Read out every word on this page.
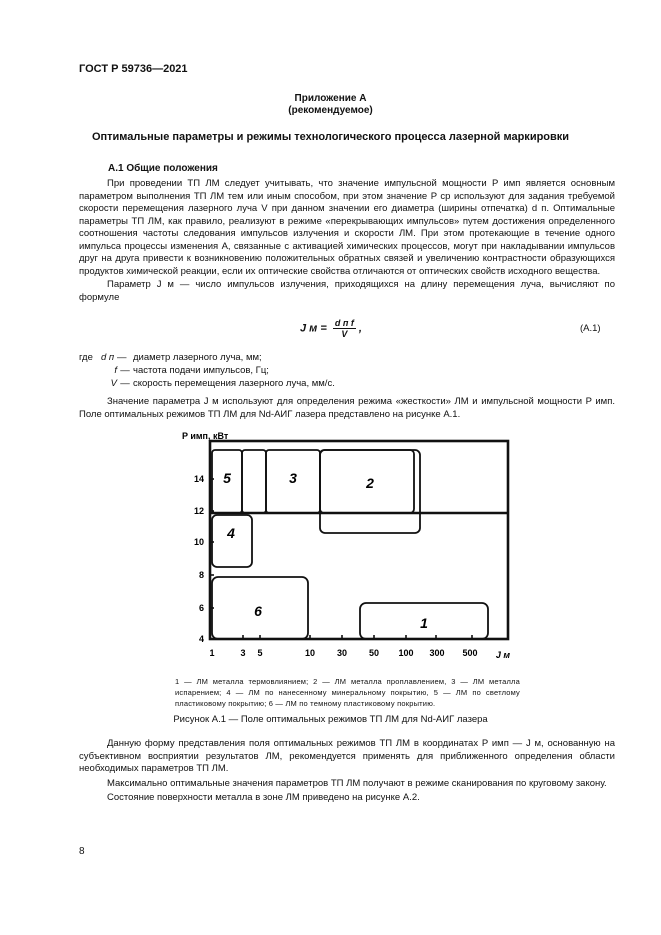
ГОСТ Р 59736—2021
Приложение А
(рекомендуемое)
Оптимальные параметры и режимы технологического процесса лазерной маркировки
А.1 Общие положения

При проведении ТП ЛМ следует учитывать, что значение импульсной мощности P имп является основным параметром выполнения ТП ЛМ тем или иным способом, при этом значение P ср используют для задания требуемой скорости перемещения лазерного луча V при данном значении его диаметра (ширины отпечатка) d п. Оптимальные параметры ТП ЛМ, как правило, реализуют в режиме «перекрывающих импульсов» путем достижения определенного соотношения частоты следования импульсов излучения и скорости ЛМ. При этом протекающие в течение одного импульса процессы изменения A, связанные с активацией химических процессов, могут при накладывании импульсов друг на друга привести к возникновению положительных обратных связей и увеличению контрастности образующихся продуктов химической реакции, если их оптические свойства отличаются от оптических свойств исходного вещества.

Параметр J м — число импульсов излучения, приходящихся на длину перемещения луча, вычисляют по формуле

J м = d п f
V	,	(А.1)
где d п — диаметр лазерного луча, мм;
f — частота подачи импульсов, Гц;
V — скорость перемещения лазерного луча, мм/с.

Значение параметра J м используют для определения режима «жесткости» ЛМ и импульсной мощности P имп. Поле оптимальных режимов ТП ЛМ для Nd-АИГ лазера представлено на рисунке А.1.

P имп, кВт
14
12
10
8
6
4
1	3 5	10 30 50 100 300 500 J м
5	3	2
4
6
1
1 — ЛМ металла термовлиянием; 2 — ЛМ металла проплавлением, 3 — ЛМ металла испарением; 4 — ЛМ по нанесенному минеральному покрытию, 5 — ЛМ по светлому пластиковому покрытию; 6 — ЛМ по темному пластиковому покрытию.
Рисунок А.1 — Поле оптимальных режимов ТП ЛМ для Nd-АИГ лазера

Данную форму представления поля оптимальных режимов ТП ЛМ в координатах P имп — J м, основанную на субъективном восприятии результатов ЛМ, рекомендуется применять для приближенного определения области необходимых параметров ТП ЛМ.

Максимально оптимальные значения параметров ТП ЛМ получают в режиме сканирования по круговому закону.

Состояние поверхности металла в зоне ЛМ приведено на рисунке А.2.

8
